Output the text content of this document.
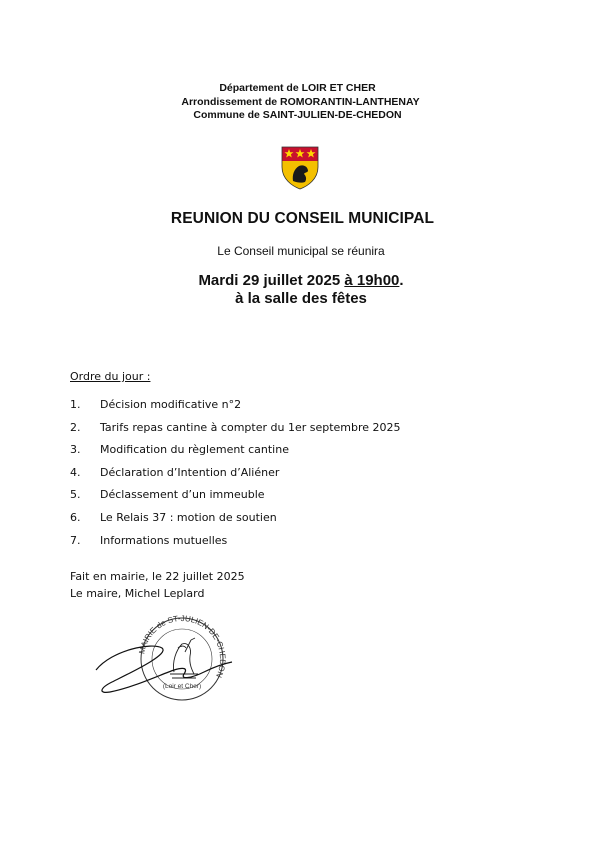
Département de LOIR ET CHER
Arrondissement de ROMORANTIN-LANTHENAY
Commune de SAINT-JULIEN-DE-CHEDON
REUNION DU CONSEIL MUNICIPAL
Le Conseil municipal se réunira
Mardi 29 juillet 2025 à 19h00.
à la salle des fêtes
Ordre du jour :
1.	Décision modificative n°2
2.	Tarifs repas cantine à compter du 1er septembre 2025
3.	Modification du règlement cantine
4.	Déclaration d’Intention d’Aliéner
5.	Déclassement d’un immeuble
6.	Le Relais 37 : motion de soutien
7.	Informations mutuelles
Fait en mairie, le 22 juillet 2025
Le maire, Michel Leplard
MAIRIE de ST-JULIEN-DE-CHEDON
(Loir et Cher)
